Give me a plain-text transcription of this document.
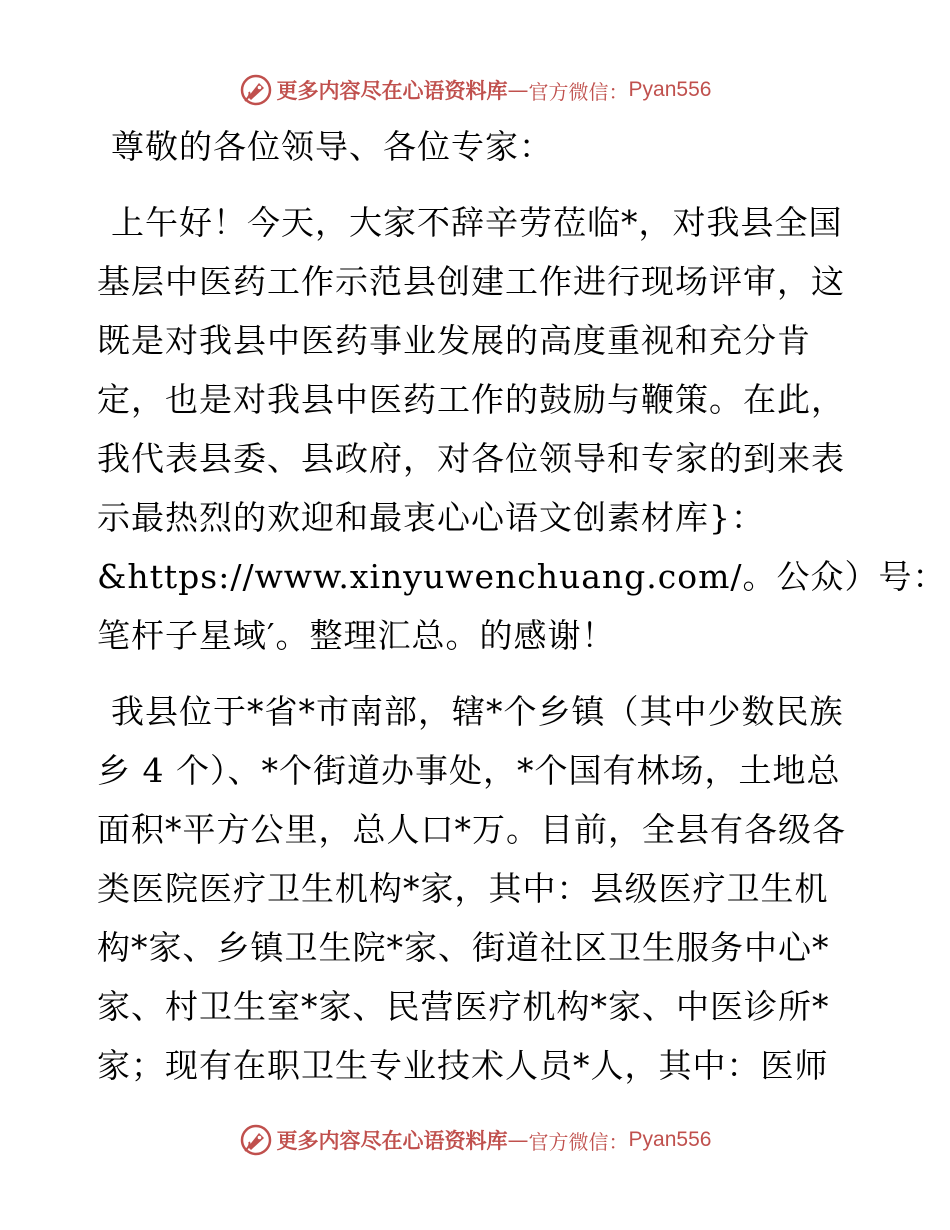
更多内容尽在心语资料库 — 官方微信： Pyan556

尊敬的各位领导、各位专家：

上午好！今天，大家不辞辛劳莅临*，对我县全国
基层中医药工作示范县创建工作进行现场评审，这
既是对我县中医药事业发展的高度重视和充分肯
定，也是对我县中医药工作的鼓励与鞭策。在此，
我代表县委、县政府，对各位领导和专家的到来表
示最热烈的欢迎和最衷心心语文创素材库}：
&https://www.xinyuwenchuang.com/。公众）号：
笔杆子星域′。整理汇总。的感谢！

我县位于*省*市南部，辖*个乡镇（其中少数民族
乡 4 个）、*个街道办事处，*个国有林场，土地总
面积*平方公里，总人口*万。目前，全县有各级各
类医院医疗卫生机构*家，其中：县级医疗卫生机
构*家、乡镇卫生院*家、街道社区卫生服务中心*
家、村卫生室*家、民营医疗机构*家、中医诊所*
家；现有在职卫生专业技术人员*人，其中：医师

更多内容尽在心语资料库 — 官方微信： Pyan556
